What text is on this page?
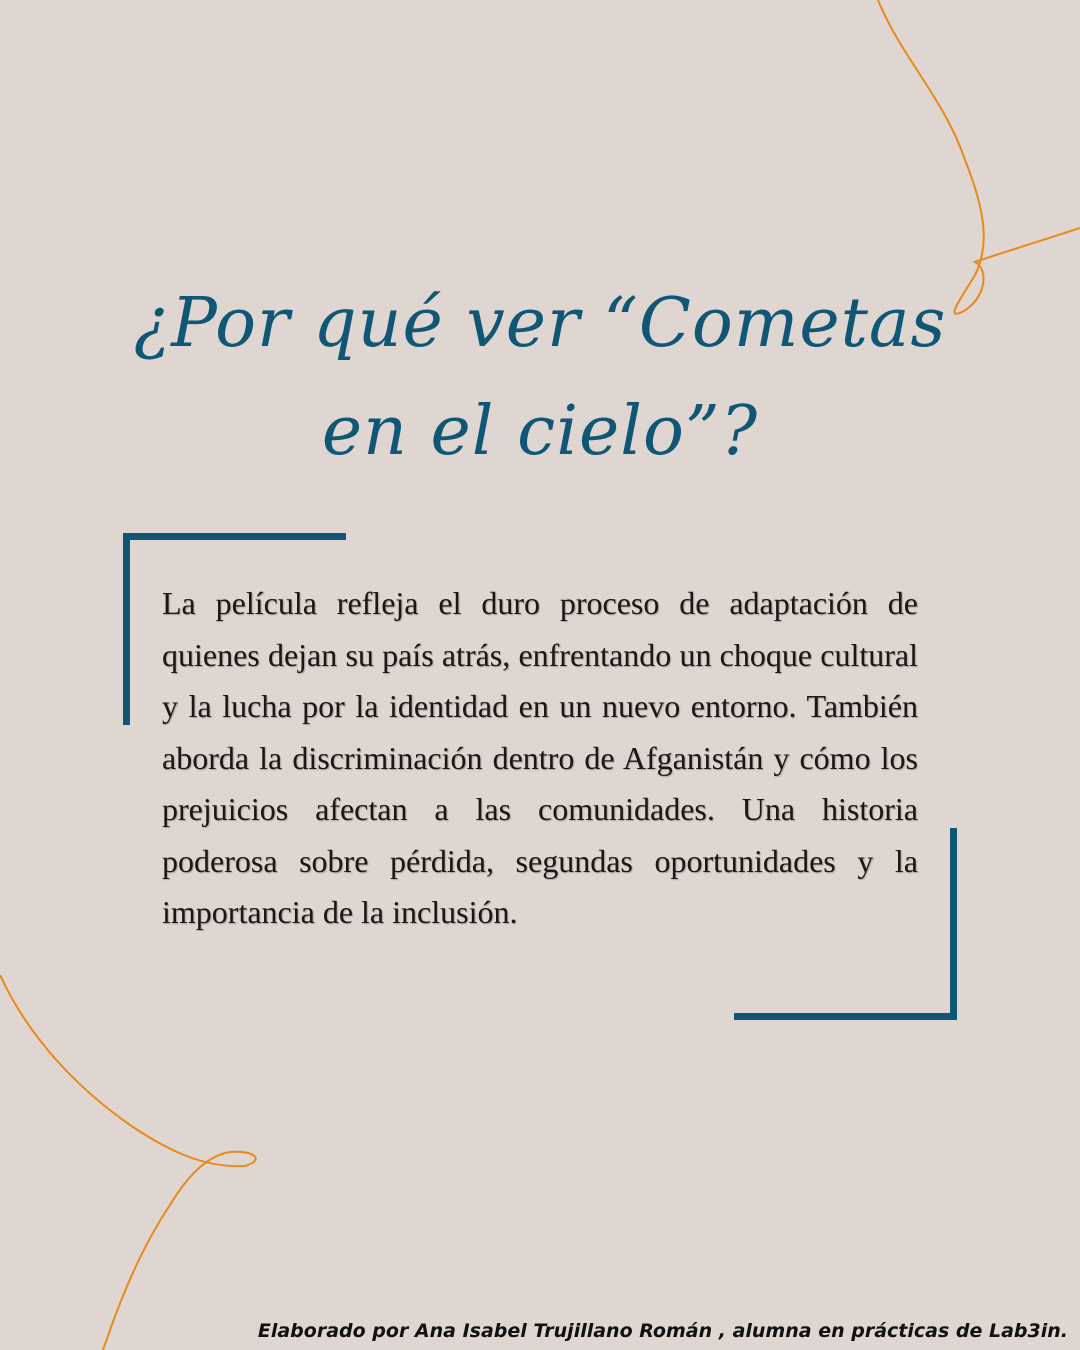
¿Por qué ver “Cometas en el cielo”?

La película refleja el duro proceso de adaptación de quienes dejan su país atrás, enfrentando un choque cultural y la lucha por la identidad en un nuevo entorno. También aborda la discriminación dentro de Afganistán y cómo los prejuicios afectan a las comunidades. Una historia poderosa sobre pérdida, segundas oportunidades y la importancia de la inclusión.

Elaborado por Ana Isabel Trujillano Román , alumna en prácticas de Lab3in.
